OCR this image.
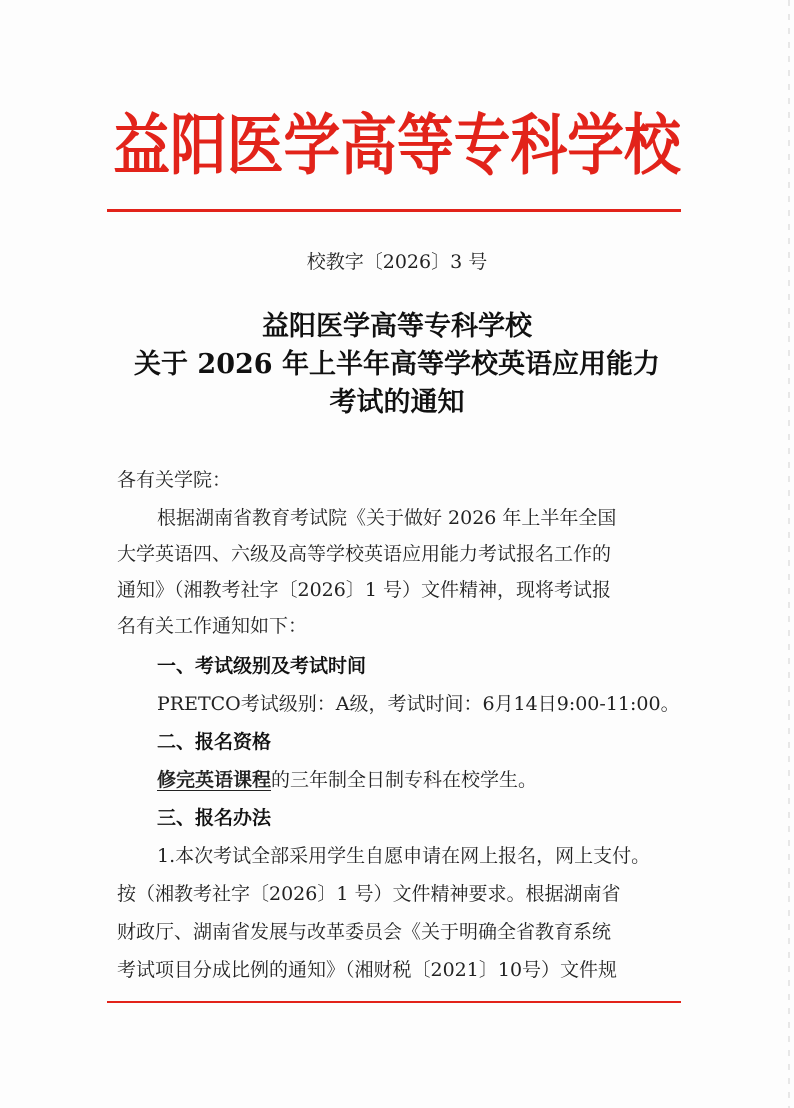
益阳医学高等专科学校
校教字〔2026〕3 号
益阳医学高等专科学校
关于 2026 年上半年高等学校英语应用能力
考试的通知
各有关学院：
根据湖南省教育考试院《关于做好 2026 年上半年全国
大学英语四、六级及高等学校英语应用能力考试报名工作的
通知》（湘教考社字〔2026〕1 号）文件精神，现将考试报
名有关工作通知如下：
一、考试级别及考试时间
PRETCO考试级别：A级，考试时间：6月14日9:00-11:00。
二、报名资格
修完英语课程的三年制全日制专科在校学生。
三、报名办法
1.本次考试全部采用学生自愿申请在网上报名，网上支付。
按（湘教考社字〔2026〕1 号）文件精神要求。根据湖南省
财政厅、湖南省发展与改革委员会《关于明确全省教育系统
考试项目分成比例的通知》（湘财税〔2021〕10号）文件规
